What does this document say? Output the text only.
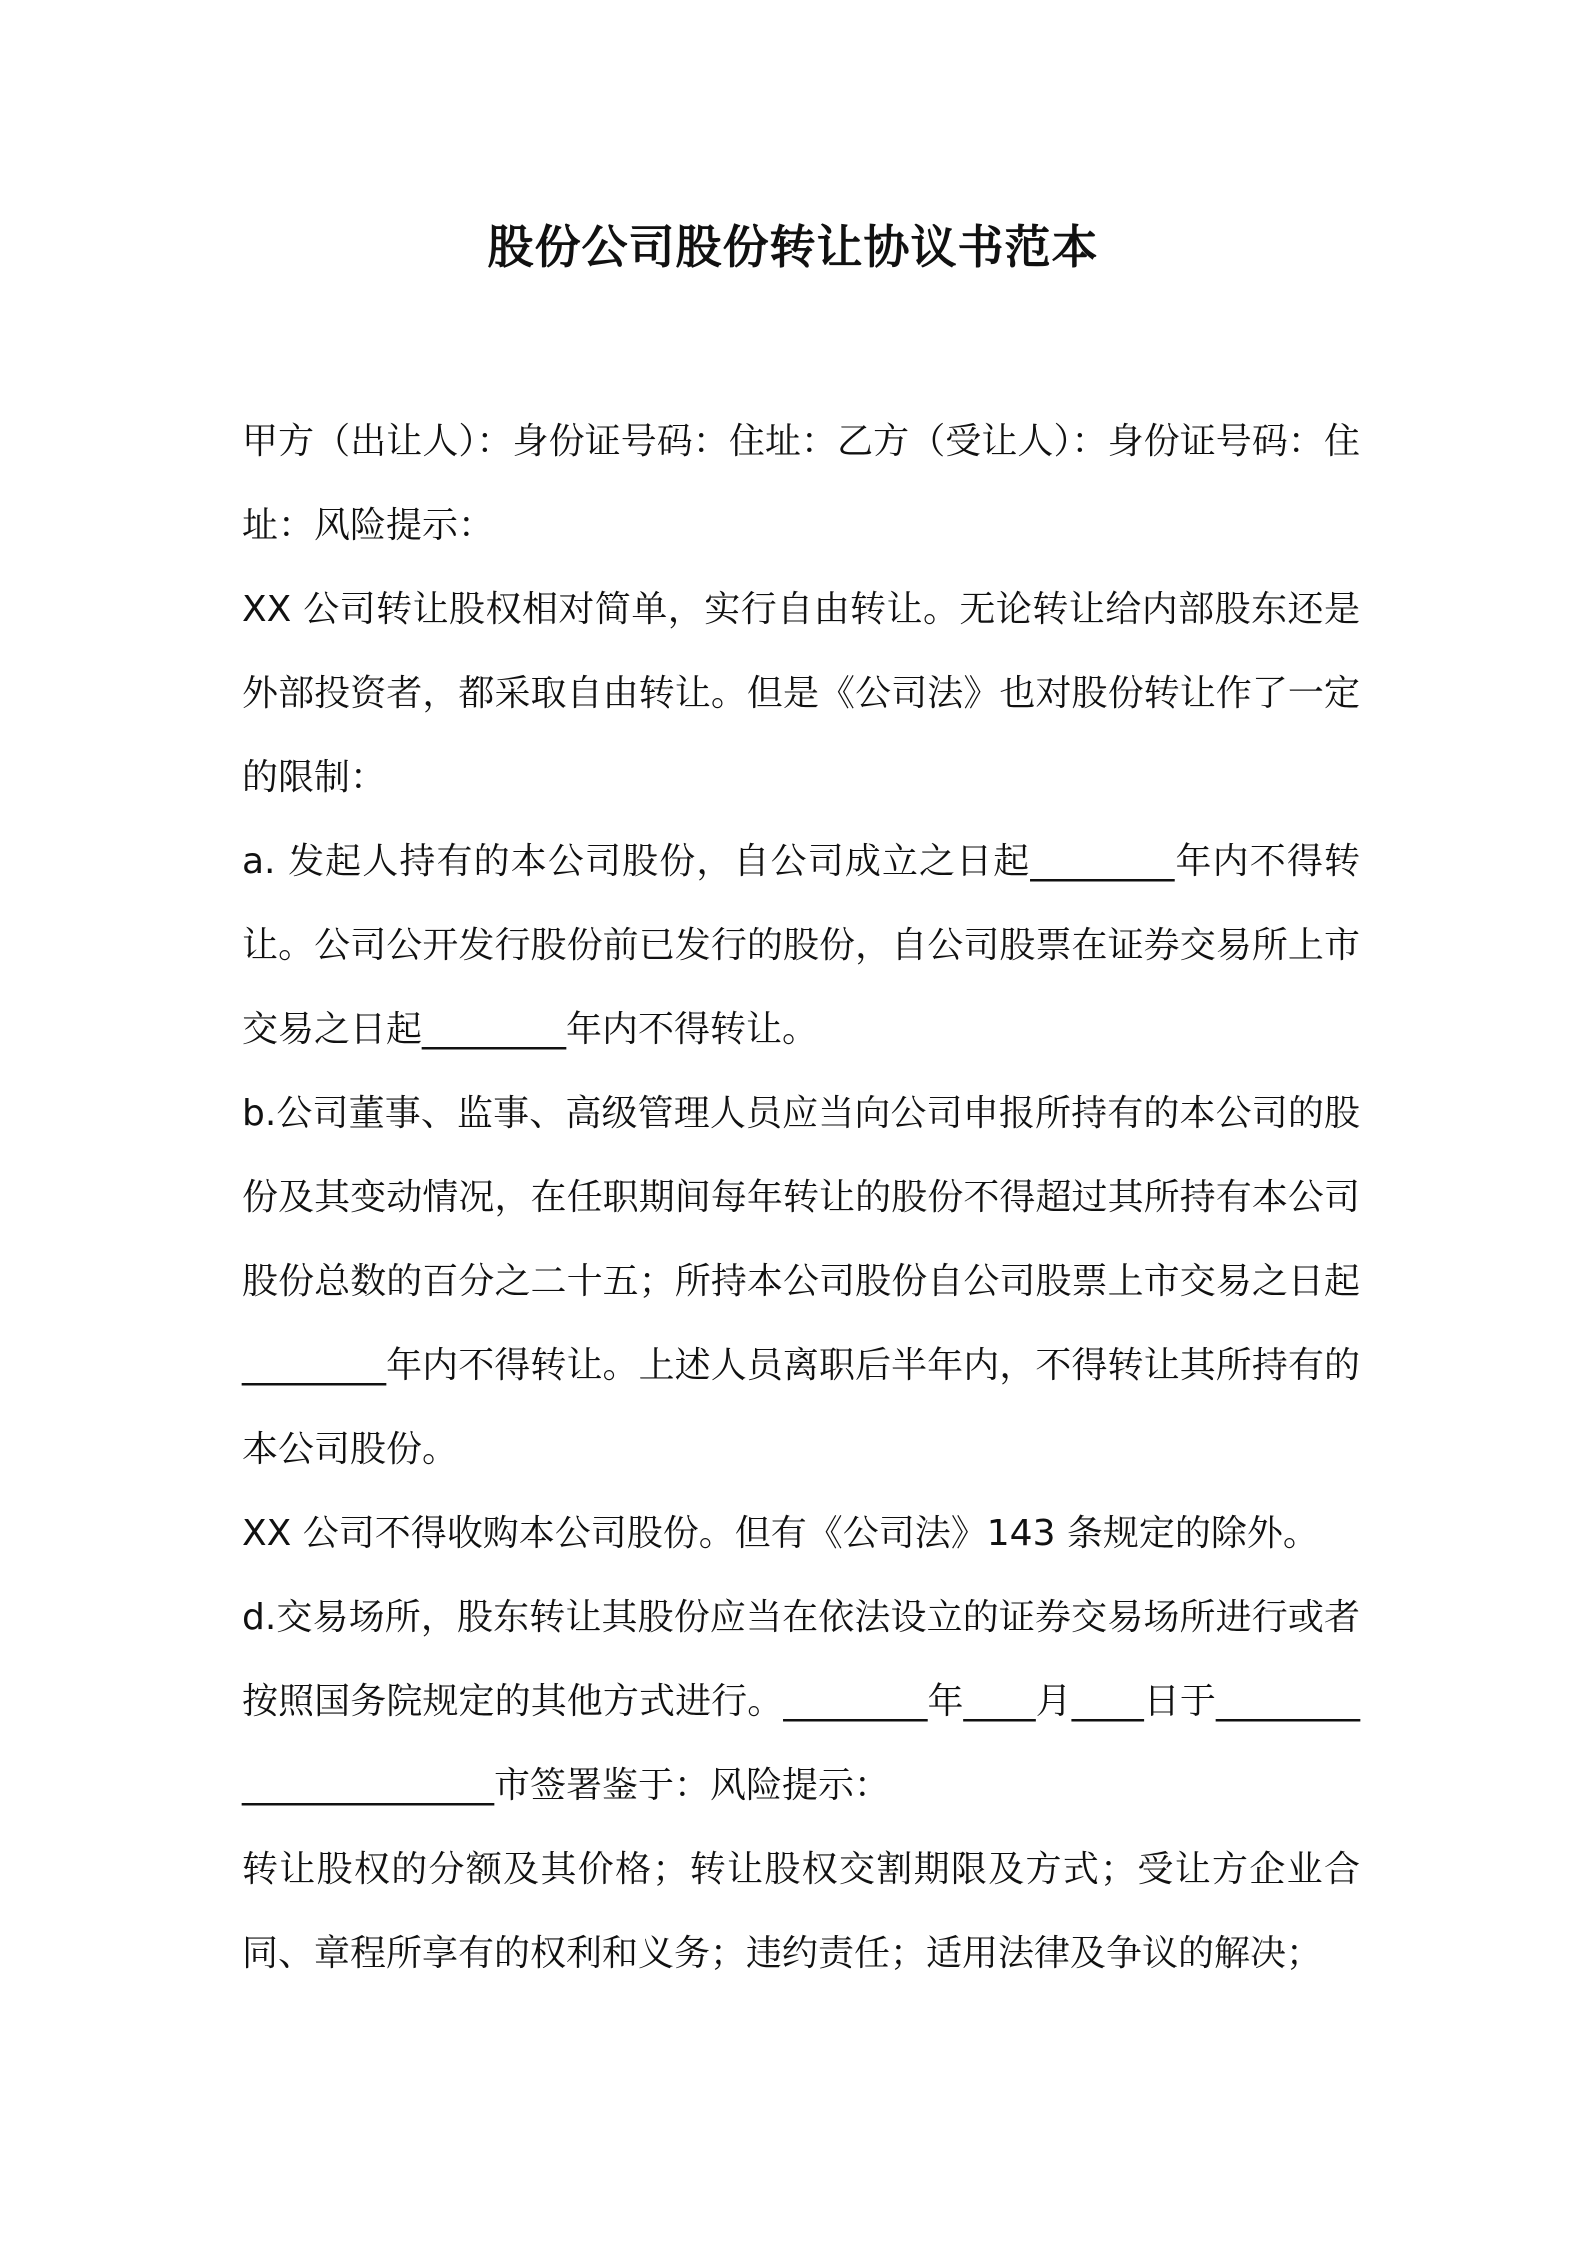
股份公司股份转让协议书范本

甲方（出让人）：身份证号码：住址：乙方（受让人）：身份证号码：住址：风险提示：

XX 公司转让股权相对简单，实行自由转让。无论转让给内部股东还是外部投资者，都采取自由转让。但是《公司法》也对股份转让作了一定的限制：

a. 发起人持有的本公司股份，自公司成立之日起________年内不得转让。公司公开发行股份前已发行的股份，自公司股票在证券交易所上市交易之日起________年内不得转让。

b.公司董事、监事、高级管理人员应当向公司申报所持有的本公司的股份及其变动情况，在任职期间每年转让的股份不得超过其所持有本公司股份总数的百分之二十五；所持本公司股份自公司股票上市交易之日起________年内不得转让。上述人员离职后半年内，不得转让其所持有的本公司股份。

XX 公司不得收购本公司股份。但有《公司法》143 条规定的除外。

d.交易场所，股东转让其股份应当在依法设立的证券交易场所进行或者按照国务院规定的其他方式进行。________年____月____日于______________________市签署鉴于：风险提示：

转让股权的分额及其价格；转让股权交割期限及方式；受让方企业合同、章程所享有的权利和义务；违约责任；适用法律及争议的解决；
